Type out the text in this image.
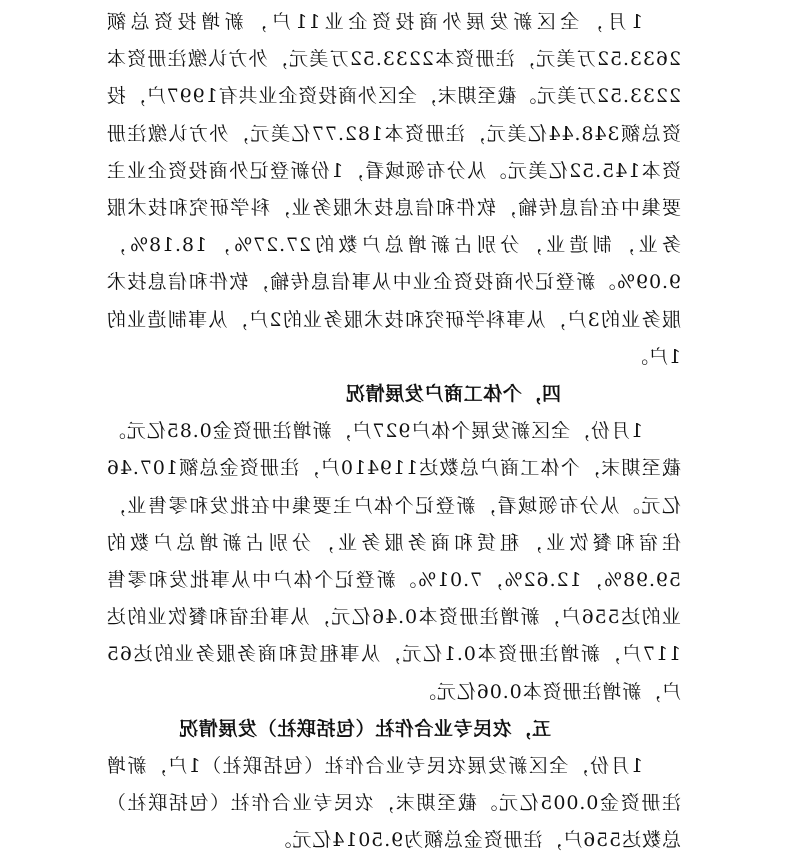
1月，全区新发展外商投资企业11户，新增投资总额2633.52万美元，注册资本2233.52万美元，外方认缴注册资本2233.52万美元。截至期末，全区外商投资企业共有1997户，投资总额348.44亿美元，注册资本182.77亿美元，外方认缴注册资本145.52亿美元。从分布领域看，1份新登记外商投资企业主要集中在信息传输，软件和信息技术服务业，科学研究和技术服务业，制造业，分别占新增总户数的27.27%，18.18%，9.09%。新登记外商投资企业中从事信息传输，软件和信息技术服务业的3户，从事科学研究和技术服务业的2户，从事制造业的1户。

四，个体工商户发展情况

1月份，全区新发展个体户927户，新增注册资金0.85亿元。截至期末，个体工商户总数达119410户，注册资金总额107.46亿元。从分布领域看，新登记个体户主要集中在批发和零售业，住宿和餐饮业，租赁和商务服务业，分别占新增总户数的59.98%，12.62%，7.01%。新登记个体户中从事批发和零售业的达556户，新增注册资本0.46亿元，从事住宿和餐饮业的达117户，新增注册资本0.1亿元，从事租赁和商务服务业的达65户，新增注册资本0.06亿元。

五，农民专业合作社（包括联社）发展情况

1月份，全区新发展农民专业合作社（包括联社）1户，新增注册资金0.005亿元。截至期末，农民专业合作社（包括联社）总数达556户，注册资金总额为9.5014亿元。
